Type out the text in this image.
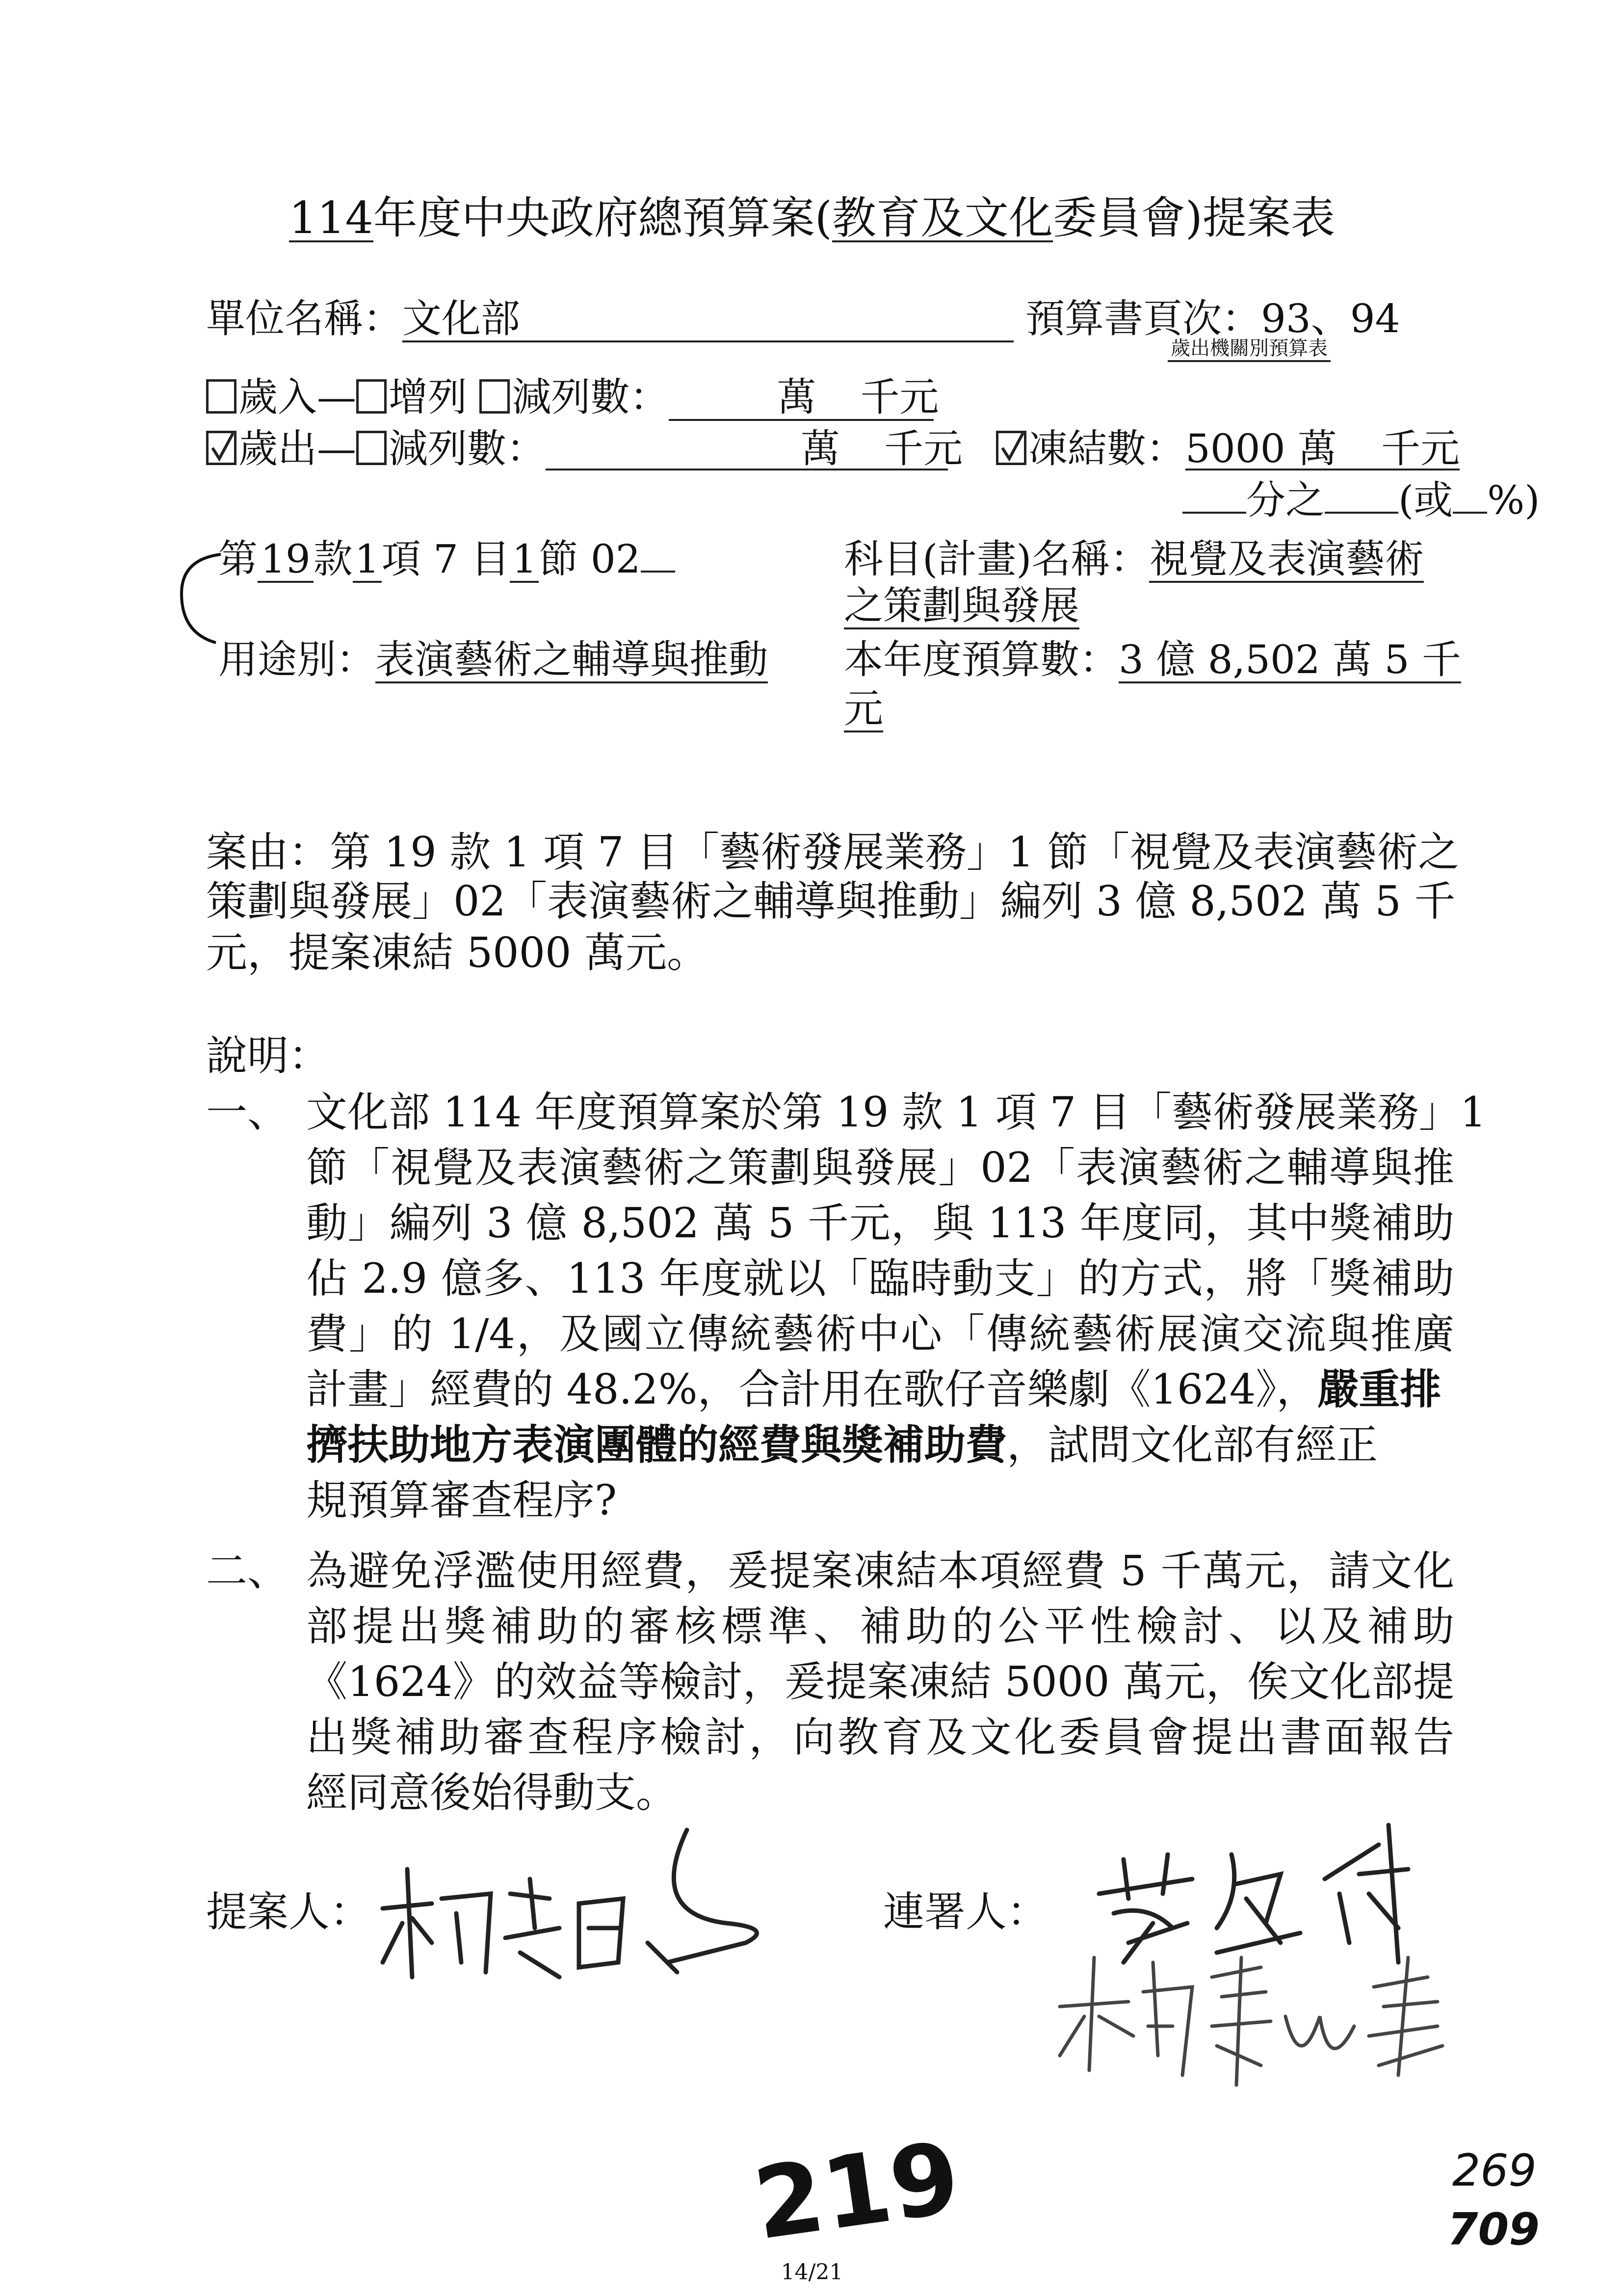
114年度中央政府總預算案(教育及文化委員會)提案表
單位名稱：文化部	預算書頁次：93、94
歲出機關別預算表
歲入— 增列 減列數：	萬 千元
歲出— 減列數：	萬 千元	凍結數：5000 萬 千元
分之 (或 %)
第19款1項 7 目1節 02	科目(計畫)名稱：視覺及表演藝術
之策劃與發展
用途別：表演藝術之輔導與推動 本年度預算數：3 億 8,502 萬 5 千
元
案由：第 19 款 1 項 7 目「藝術發展業務」1 節「視覺及表演藝術之
策劃與發展」02「表演藝術之輔導與推動」編列 3 億 8,502 萬 5 千
元，提案凍結 5000 萬元。
說明：
一、 文化部 114 年度預算案於第 19 款 1 項 7 目「藝術發展業務」1
節「視覺及表演藝術之策劃與發展」02「表演藝術之輔導與推
動」編列 3 億 8,502 萬 5 千元，與 113 年度同，其中獎補助
佔 2.9 億多、113 年度就以「臨時動支」的方式，將「獎補助
費」的 1/4，及國立傳統藝術中心「傳統藝術展演交流與推廣
計畫」經費的 48.2%，合計用在歌仔音樂劇《1624》，嚴重排
擠扶助地方表演團體的經費與獎補助費，試問文化部有經正
規預算審查程序?
二、 為避免浮濫使用經費，爰提案凍結本項經費 5 千萬元，請文化
部提出獎補助的審核標準、補助的公平性檢討、以及補助
《1624》的效益等檢討，爰提案凍結 5000 萬元，俟文化部提
出獎補助審查程序檢討，向教育及文化委員會提出書面報告
經同意後始得動支。
提案人：	連署人：
219	269
709
14/21
